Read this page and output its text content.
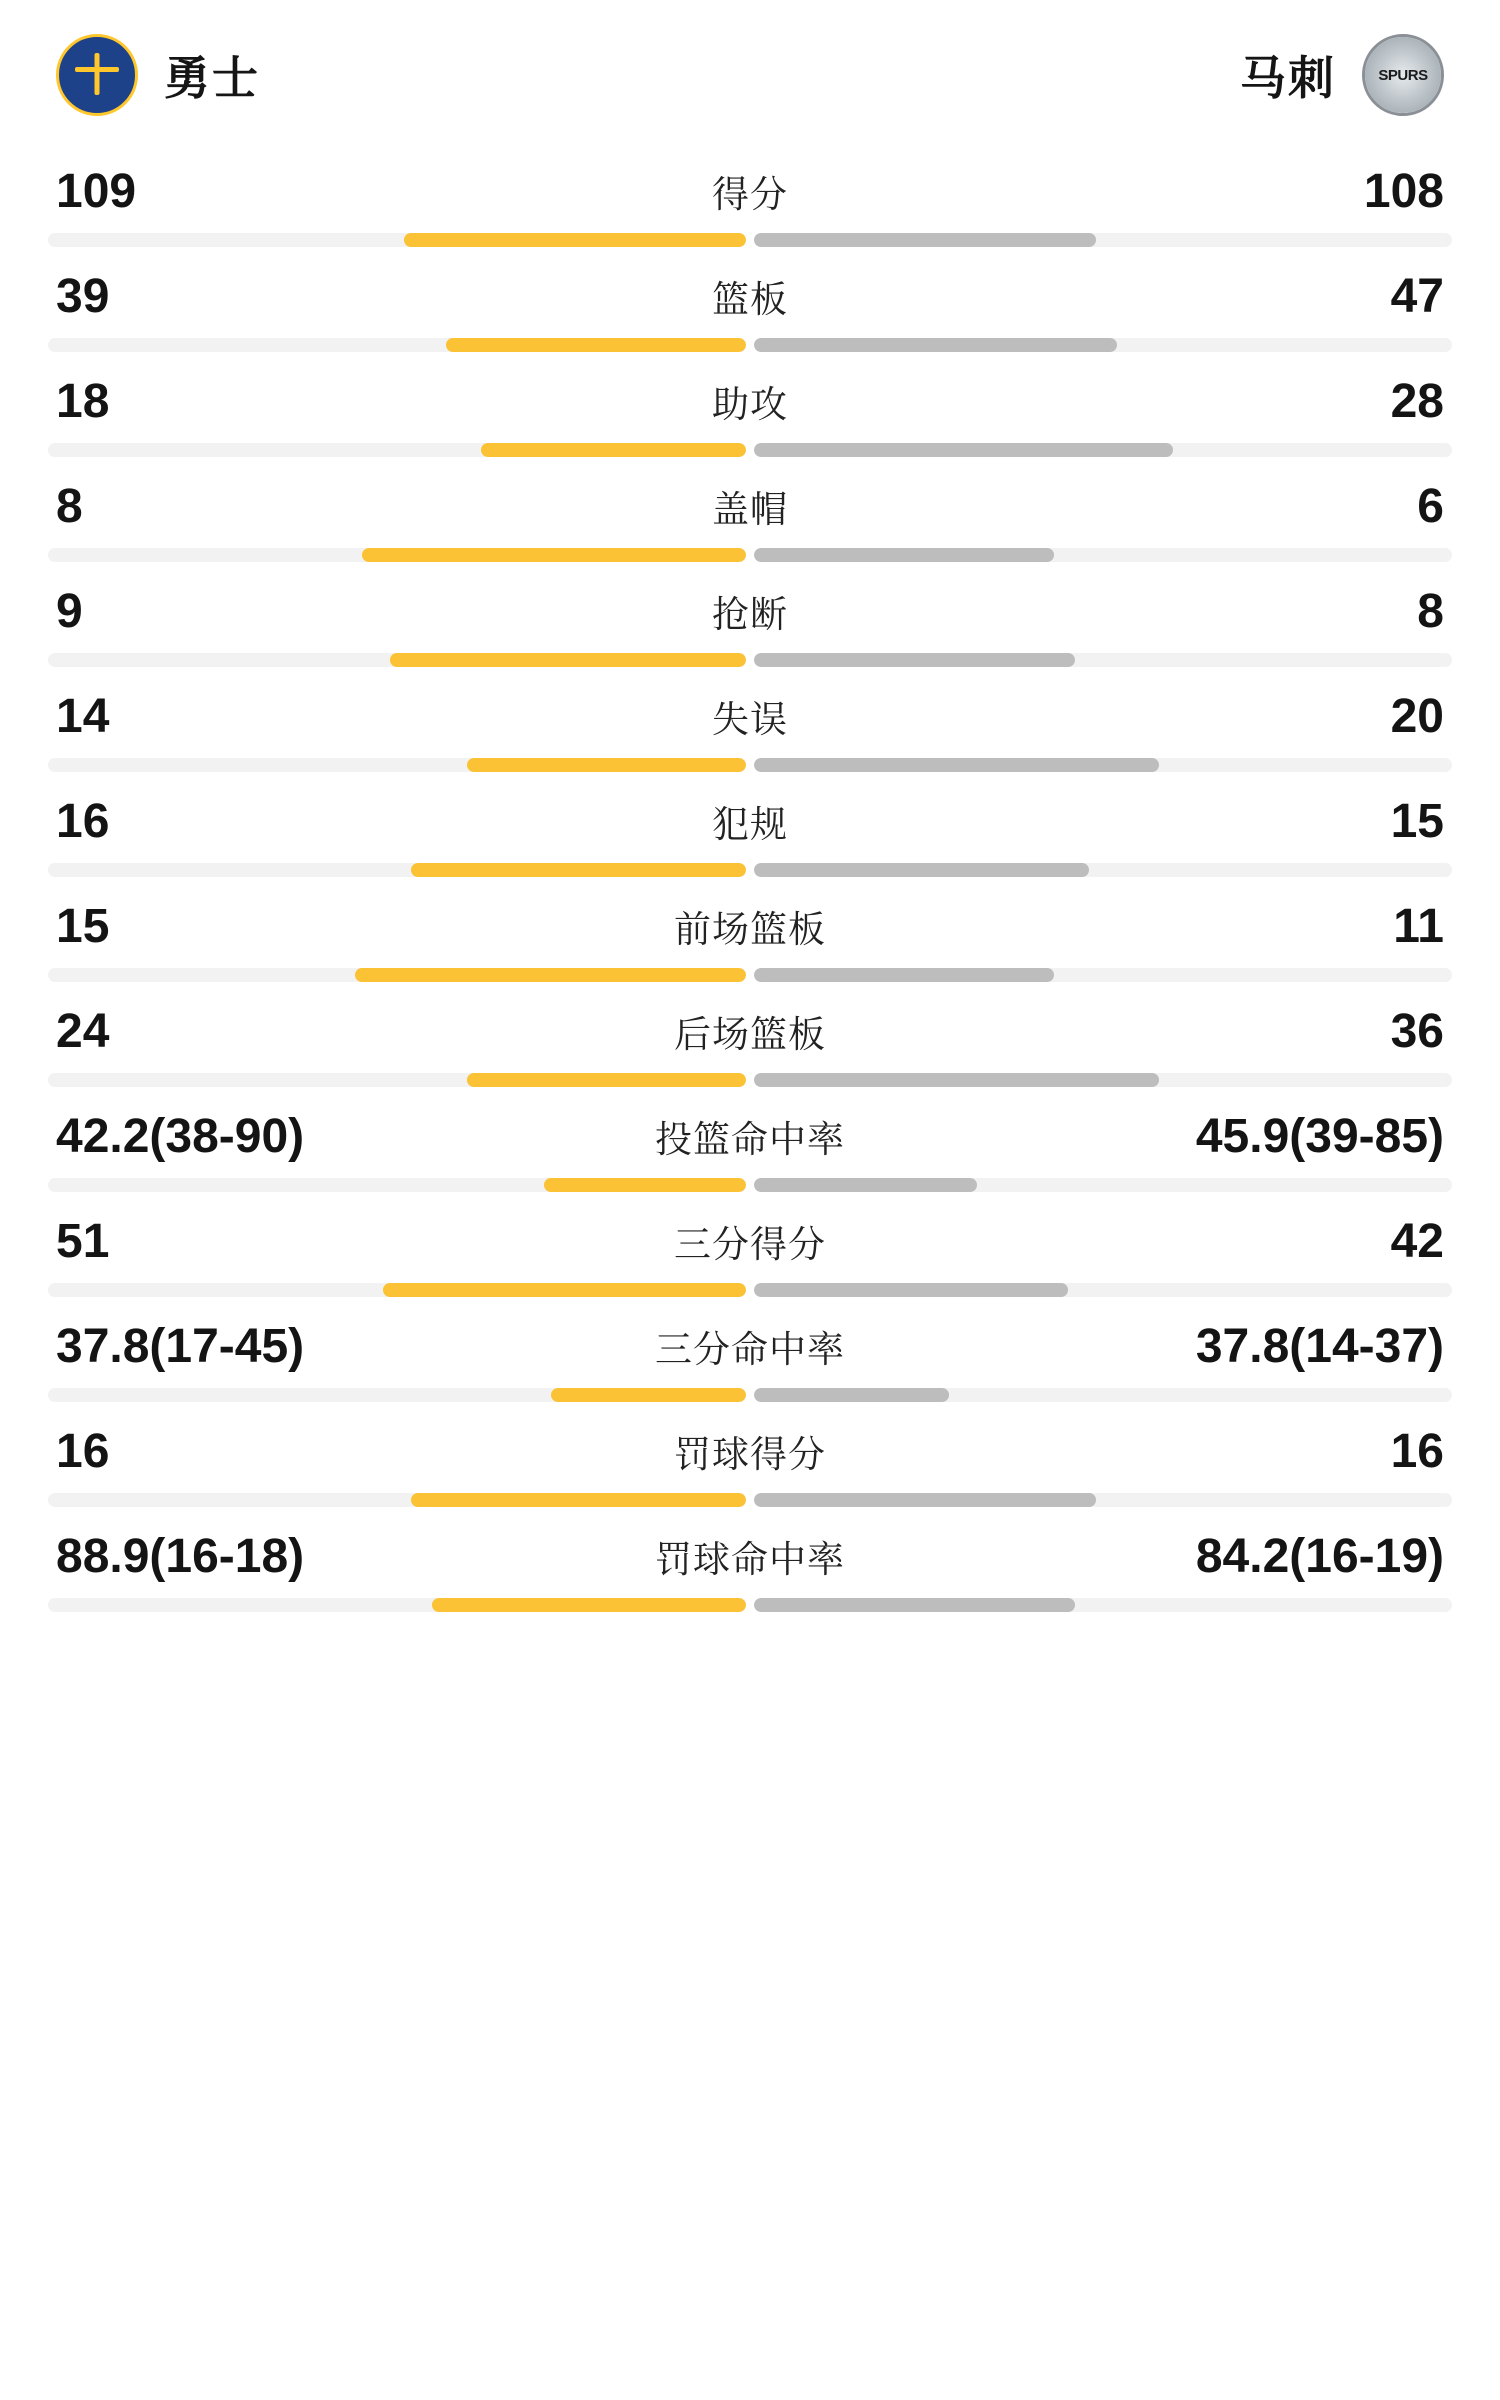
勇士	马刺	SPURS
109	得分	108
39	篮板	47
18	助攻	28
8	盖帽	6
9	抢断	8
14	失误	20
16	犯规	15
15	前场篮板	11
24	后场篮板	36
42.2(38-90)	投篮命中率	45.9(39-85)
51	三分得分	42
37.8(17-45)	三分命中率	37.8(14-37)
16	罚球得分	16
88.9(16-18)	罚球命中率	84.2(16-19)
